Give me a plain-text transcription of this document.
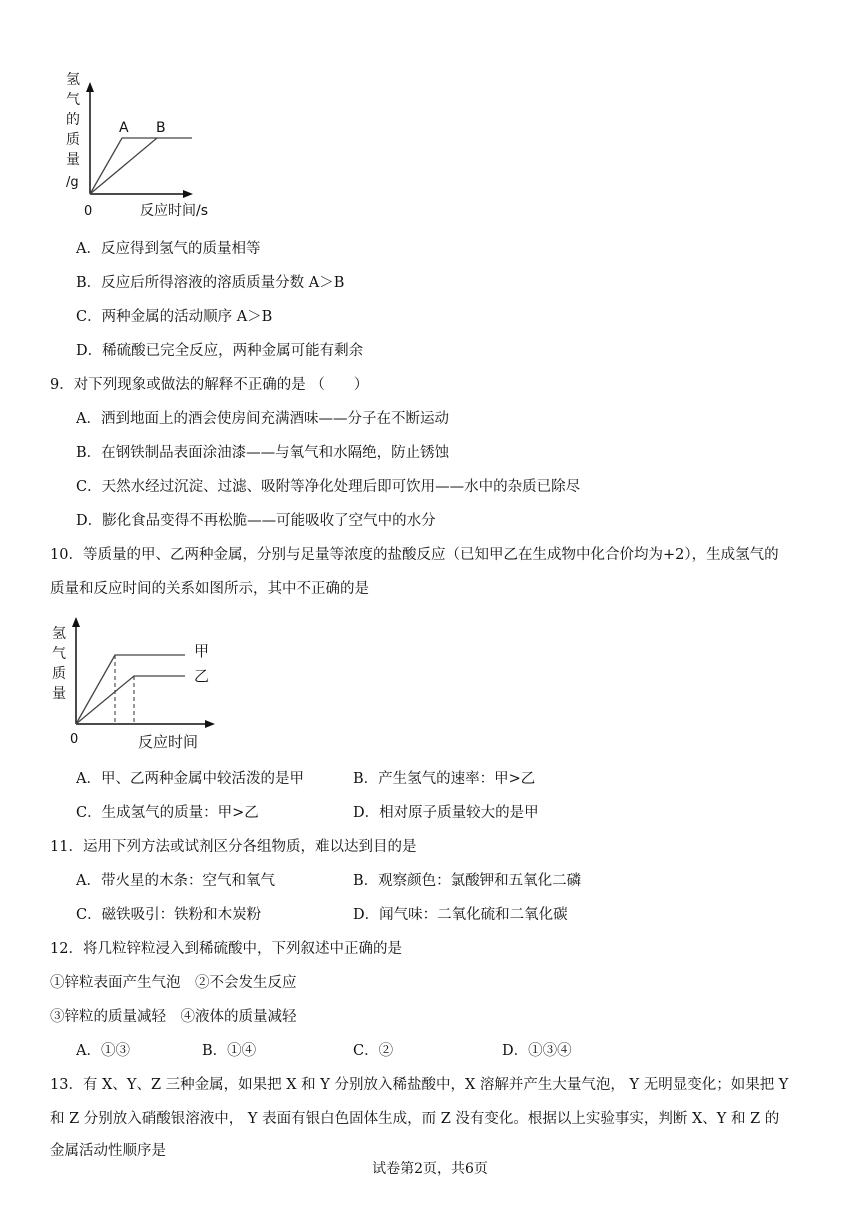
氢
气
的
质
量
/g
A B
0	反应时间/s
A．反应得到氢气的质量相等
B．反应后所得溶液的溶质质量分数 A＞B
C．两种金属的活动顺序 A＞B
D．稀硫酸已完全反应，两种金属可能有剩余
9．对下列现象或做法的解释不正确的是 （　　）
A．洒到地面上的酒会使房间充满酒味——分子在不断运动
B．在钢铁制品表面涂油漆——与氧气和水隔绝，防止锈蚀
C．天然水经过沉淀、过滤、吸附等净化处理后即可饮用——水中的杂质已除尽
D．膨化食品变得不再松脆——可能吸收了空气中的水分
10．等质量的甲、乙两种金属，分别与足量等浓度的盐酸反应（已知甲乙在生成物中化合价均为+2），生成氢气的
质量和反应时间的关系如图所示，其中不正确的是
氢
气
质
量
甲
乙
0	反应时间
A．甲、乙两种金属中较活泼的是甲	B．产生氢气的速率：甲>乙
C．生成氢气的质量：甲>乙	D．相对原子质量较大的是甲
11．运用下列方法或试剂区分各组物质，难以达到目的是
A．带火星的木条：空气和氧气	B．观察颜色：氯酸钾和五氧化二磷
C．磁铁吸引：铁粉和木炭粉	D．闻气味：二氧化硫和二氧化碳
12．将几粒锌粒浸入到稀硫酸中，下列叙述中正确的是
①锌粒表面产生气泡　②不会发生反应
③锌粒的质量减轻　④液体的质量减轻
A．①③	B．①④	C．②	D．①③④
13．有 X、Y、Z 三种金属，如果把 X 和 Y 分别放入稀盐酸中，X 溶解并产生大量气泡， Y 无明显变化；如果把 Y
和 Z 分别放入硝酸银溶液中， Y 表面有银白色固体生成，而 Z 没有变化。根据以上实验事实，判断 X、Y 和 Z 的
金属活动性顺序是
试卷第2页，共6页
